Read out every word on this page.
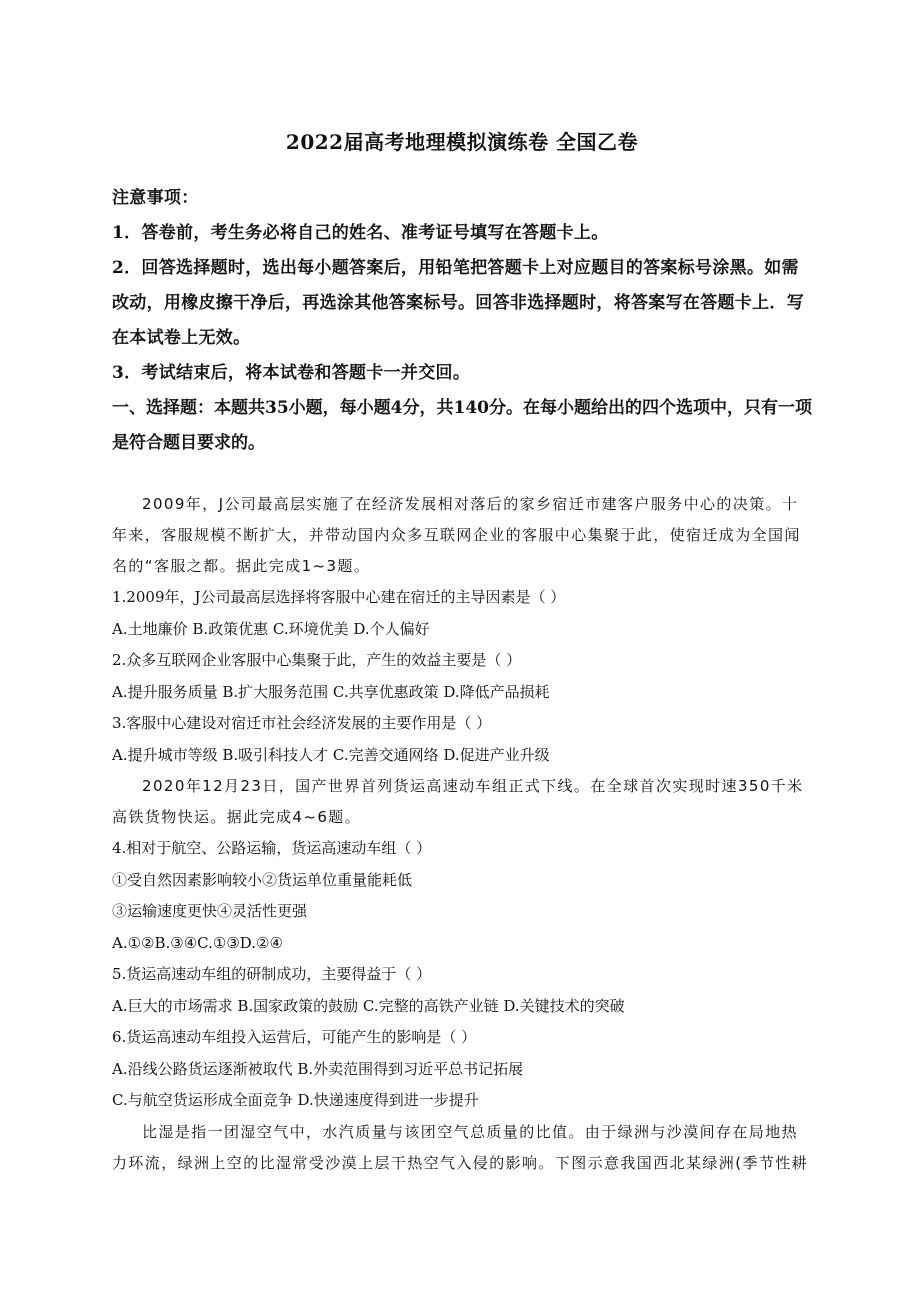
2022届高考地理模拟演练卷 全国乙卷

注意事项：

1．答卷前，考生务必将自己的姓名、准考证号填写在答题卡上。

2．回答选择题时，选出每小题答案后，用铅笔把答题卡上对应题目的答案标号涂黑。如需改动，用橡皮擦干净后，再选涂其他答案标号。回答非选择题时，将答案写在答题卡上．写在本试卷上无效。

3．考试结束后，将本试卷和答题卡一并交回。

一、选择题：本题共35小题，每小题4分，共140分。在每小题给出的四个选项中，只有一项是符合题目要求的。

2009年，J公司最高层实施了在经济发展相对落后的家乡宿迁市建客户服务中心的决策。十年来，客服规模不断扩大，并带动国内众多互联网企业的客服中心集聚于此，使宿迁成为全国闻名的“客服之都。据此完成1~3题。

1.2009年，J公司最高层选择将客服中心建在宿迁的主导因素是（ ）

A.土地廉价 B.政策优惠 C.环境优美 D.个人偏好

2.众多互联网企业客服中心集聚于此，产生的效益主要是（ ）

A.提升服务质量 B.扩大服务范围 C.共享优惠政策 D.降低产品损耗

3.客服中心建设对宿迁市社会经济发展的主要作用是（ ）

A.提升城市等级 B.吸引科技人才 C.完善交通网络 D.促进产业升级

2020年12月23日，国产世界首列货运高速动车组正式下线。在全球首次实现时速350千米高铁货物快运。据此完成4~6题。

4.相对于航空、公路运输，货运高速动车组（ ）

①受自然因素影响较小②货运单位重量能耗低

③运输速度更快④灵活性更强

A.①②B.③④C.①③D.②④

5.货运高速动车组的研制成功，主要得益于（ ）

A.巨大的市场需求 B.国家政策的鼓励 C.完整的高铁产业链 D.关键技术的突破

6.货运高速动车组投入运营后，可能产生的影响是（ ）

A.沿线公路货运逐渐被取代 B.外卖范围得到习近平总书记拓展

C.与航空货运形成全面竞争 D.快递速度得到进一步提升

比湿是指一团湿空气中，水汽质量与该团空气总质量的比值。由于绿洲与沙漠间存在局地热力环流，绿洲上空的比湿常受沙漠上层干热空气入侵的影响。下图示意我国西北某绿洲(季节性耕
